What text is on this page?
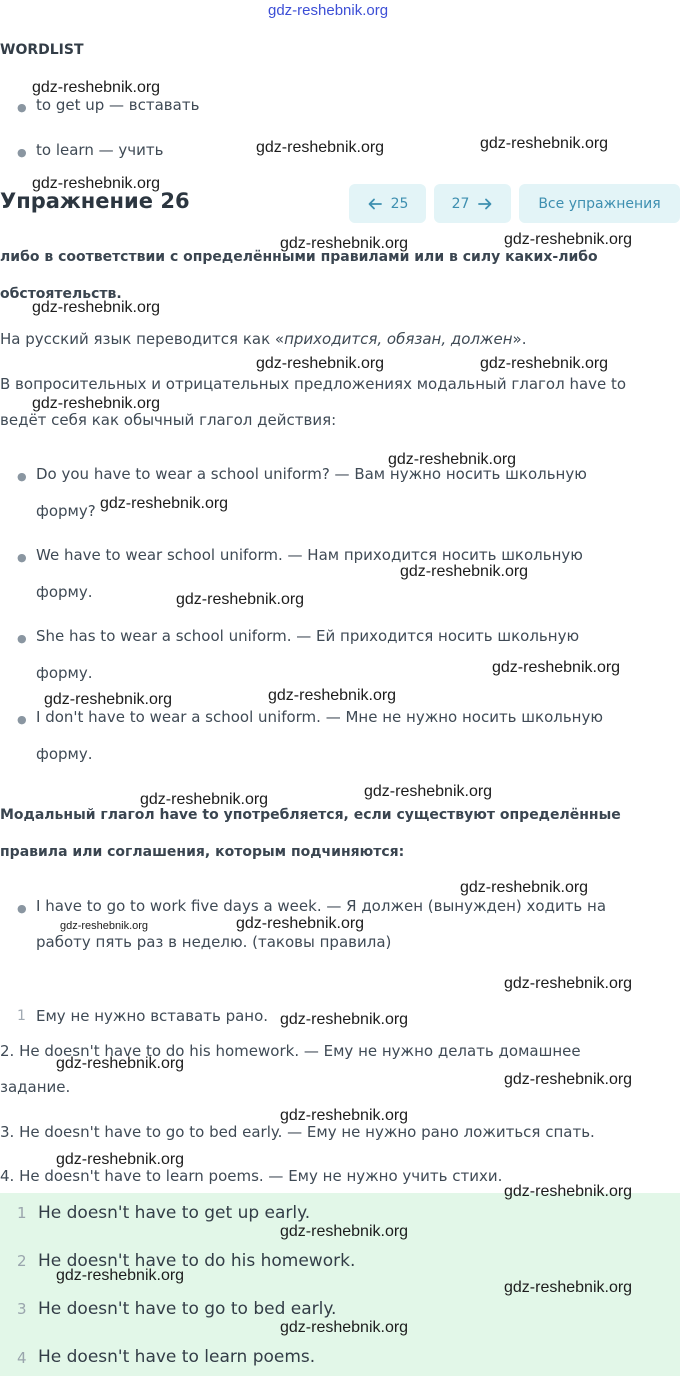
gdz-reshebnik.org
WORDLIST
● to get up — вставать
● to learn — учить
Упражнение 26	25	27	Все упражнения
либо в соответствии с определёнными правилами или в силу каких-либо
обстоятельств.
На русский язык переводится как «приходится, обязан, должен».
В вопросительных и отрицательных предложениях модальный глагол have to
ведёт себя как обычный глагол действия:
● Do you have to wear a school uniform? — Вам нужно носить школьную
форму?
● We have to wear school uniform. — Нам приходится носить школьную
форму.
● She has to wear a school uniform. — Ей приходится носить школьную
форму.
● I don't have to wear a school uniform. — Мне не нужно носить школьную
форму.
Модальный глагол have to употребляется, если существуют определённые
правила или соглашения, которым подчиняются:
● I have to go to work five days a week. — Я должен (вынужден) ходить на
работу пять раз в неделю. (таковы правила)
1 Ему не нужно вставать рано.
2. He doesn't have to do his homework. — Ему не нужно делать домашнее
задание.
3. He doesn't have to go to bed early. — Ему не нужно рано ложиться спать.
4. He doesn't have to learn poems. — Ему не нужно учить стихи.
1 He doesn't have to get up early.
2 He doesn't have to do his homework.
3 He doesn't have to go to bed early.
4 He doesn't have to learn poems.
gdz-reshebnik.org
gdz-reshebnik.org	gdz-reshebnik.org
gdz-reshebnik.org
gdz-reshebnik.org	gdz-reshebnik.org
gdz-reshebnik.org
gdz-reshebnik.org	gdz-reshebnik.org
gdz-reshebnik.org
gdz-reshebnik.org
gdz-reshebnik.org
gdz-reshebnik.org
gdz-reshebnik.org
gdz-reshebnik.org
gdz-reshebnik.org	gdz-reshebnik.org
gdz-reshebnik.org
gdz-reshebnik.org
gdz-reshebnik.org
gdz-reshebnik.org
gdz-reshebnik.org
gdz-reshebnik.org
gdz-reshebnik.org
gdz-reshebnik.org
gdz-reshebnik.org
gdz-reshebnik.org
gdz-reshebnik.org
gdz-reshebnik.org
gdz-reshebnik.org
gdz-reshebnik.org
gdz-reshebnik.org
gdz-reshebnik.org
